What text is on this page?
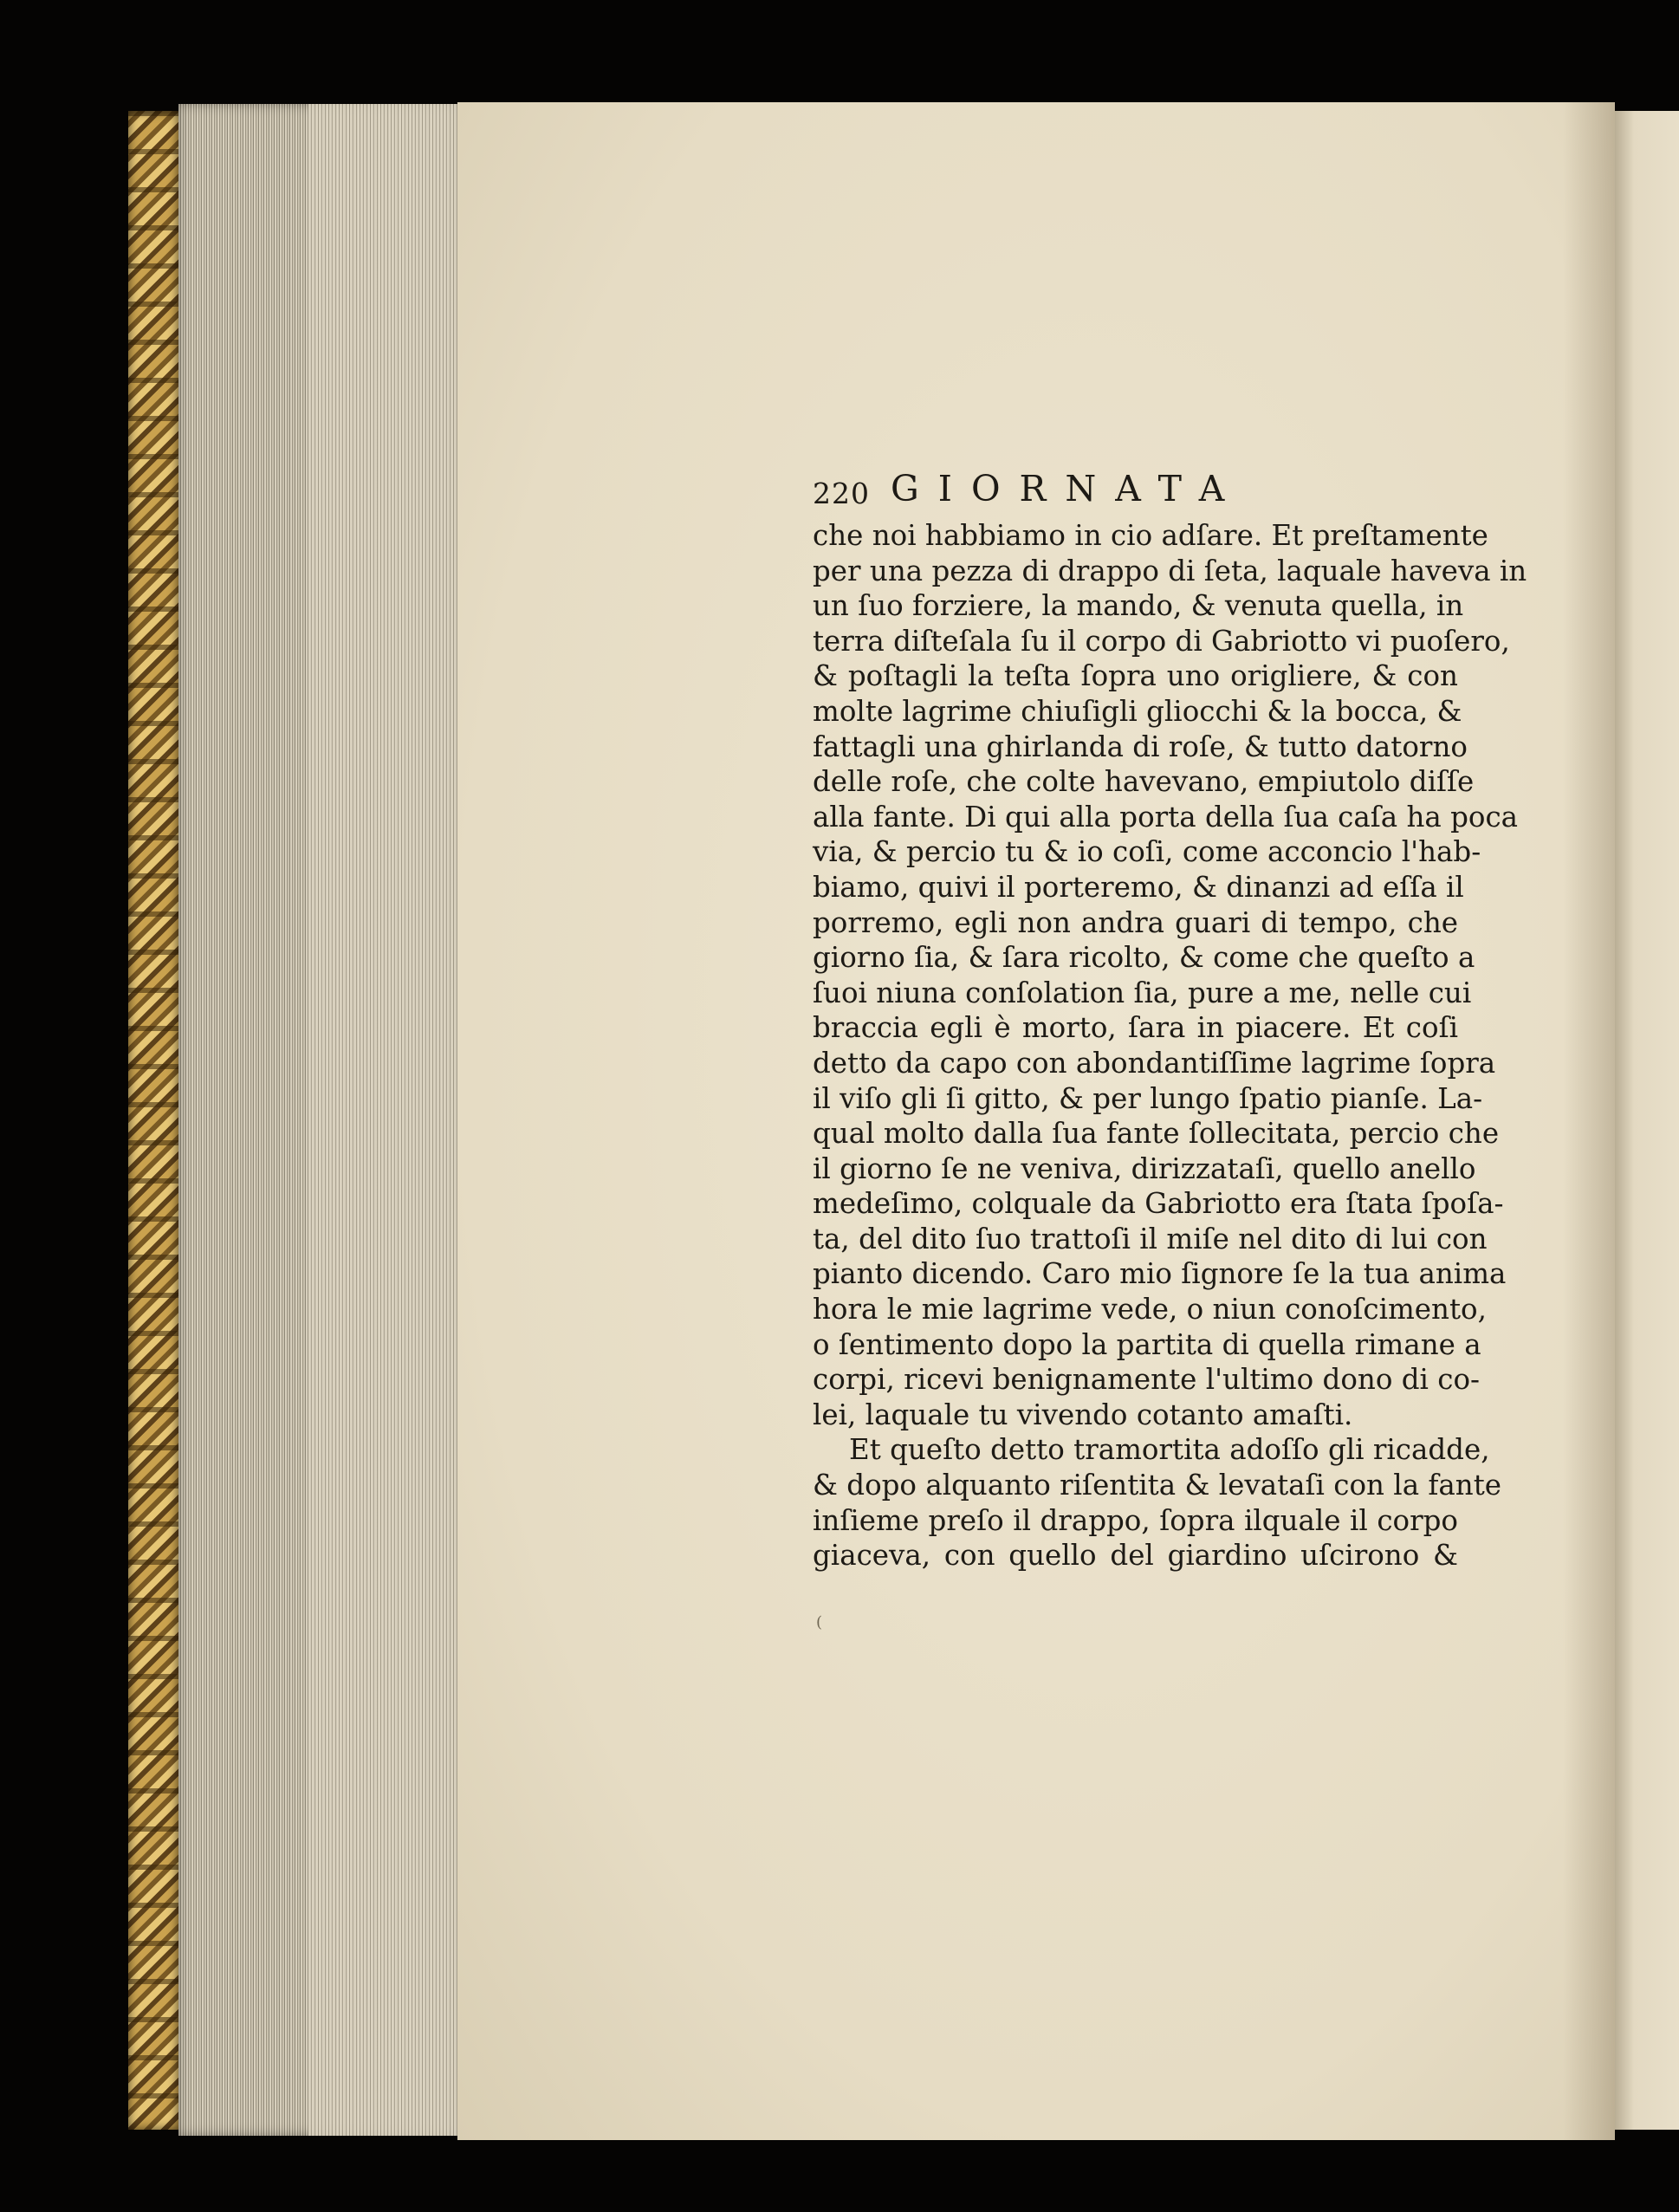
220 GIORNATA
che noi habbiamo in cio adſare. Et preſtamente
per una pezza di drappo di ſeta, laquale haveva in
un ſuo forziere, la mando, & venuta quella, in
terra diſteſala ſu il corpo di Gabriotto vi puoſero,
& poſtagli la teſta ſopra uno origliere, & con
molte lagrime chiuſigli gliocchi & la bocca, &
fattagli una ghirlanda di roſe, & tutto datorno
delle roſe, che colte havevano, empiutolo diſſe
alla fante. Di qui alla porta della ſua caſa ha poca
via, & percio tu & io coſi, come acconcio l'hab-
biamo, quivi il porteremo, & dinanzi ad eſſa il
porremo, egli non andra guari di tempo, che
giorno ſia, & ſara ricolto, & come che queſto a
ſuoi niuna conſolation ſia, pure a me, nelle cui
braccia egli è morto, ſara in piacere. Et coſi
detto da capo con abondantiſſime lagrime ſopra
il viſo gli ſi gitto, & per lungo ſpatio pianſe. La-
qual molto dalla ſua fante ſollecitata, percio che
il giorno ſe ne veniva, dirizzataſi, quello anello
medeſimo, colquale da Gabriotto era ſtata ſpoſa-
ta, del dito ſuo trattoſi il miſe nel dito di lui con
pianto dicendo. Caro mio ſignore ſe la tua anima
hora le mie lagrime vede, o niun conoſcimento,
o ſentimento dopo la partita di quella rimane a
corpi, ricevi benignamente l'ultimo dono di co-
lei, laquale tu vivendo cotanto amaſti.
Et queſto detto tramortita adoſſo gli ricadde,
& dopo alquanto riſentita & levataſi con la fante
inſieme preſo il drappo, ſopra ilquale il corpo
giaceva, con quello del giardino uſcirono &
(
